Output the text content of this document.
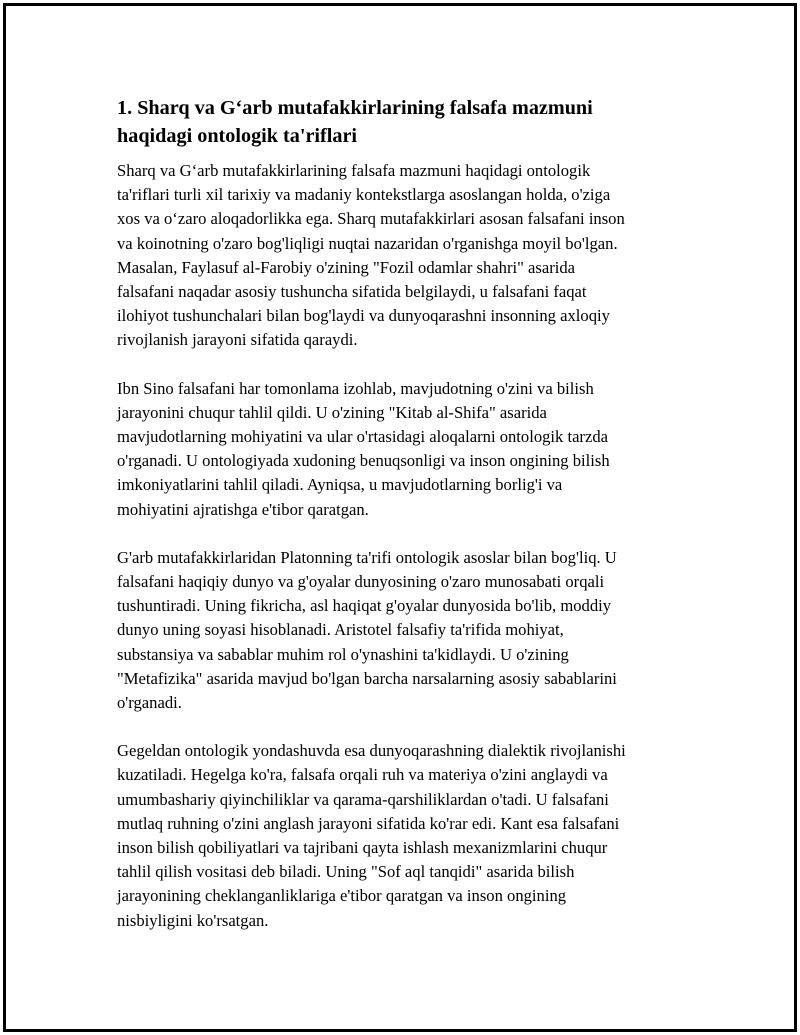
1. Sharq va G‘arb mutafakkirlarining falsafa mazmuni
haqidagi ontologik ta'riflari

Sharq va G‘arb mutafakkirlarining falsafa mazmuni haqidagi ontologik
ta'riflari turli xil tarixiy va madaniy kontekstlarga asoslangan holda, o'ziga
xos va o‘zaro aloqadorlikka ega. Sharq mutafakkirlari asosan falsafani inson
va koinotning o'zaro bog'liqligi nuqtai nazaridan o'rganishga moyil bo'lgan.
Masalan, Faylasuf al-Farobiy o'zining "Fozil odamlar shahri" asarida
falsafani naqadar asosiy tushuncha sifatida belgilaydi, u falsafani faqat
ilohiyot tushunchalari bilan bog'laydi va dunyoqarashni insonning axloqiy
rivojlanish jarayoni sifatida qaraydi.

Ibn Sino falsafani har tomonlama izohlab, mavjudotning o'zini va bilish
jarayonini chuqur tahlil qildi. U o'zining "Kitab al-Shifa" asarida
mavjudotlarning mohiyatini va ular o'rtasidagi aloqalarni ontologik tarzda
o'rganadi. U ontologiyada xudoning benuqsonligi va inson ongining bilish
imkoniyatlarini tahlil qiladi. Ayniqsa, u mavjudotlarning borlig'i va
mohiyatini ajratishga e'tibor qaratgan.

G'arb mutafakkirlaridan Platonning ta'rifi ontologik asoslar bilan bog'liq. U
falsafani haqiqiy dunyo va g'oyalar dunyosining o'zaro munosabati orqali
tushuntiradi. Uning fikricha, asl haqiqat g'oyalar dunyosida bo'lib, moddiy
dunyo uning soyasi hisoblanadi. Aristotel falsafiy ta'rifida mohiyat,
substansiya va sabablar muhim rol o'ynashini ta'kidlaydi. U o'zining
"Metafizika" asarida mavjud bo'lgan barcha narsalarning asosiy sabablarini
o'rganadi.

Gegeldan ontologik yondashuvda esa dunyoqarashning dialektik rivojlanishi
kuzatiladi. Hegelga ko'ra, falsafa orqali ruh va materiya o'zini anglaydi va
umumbashariy qiyinchiliklar va qarama-qarshiliklardan o'tadi. U falsafani
mutlaq ruhning o'zini anglash jarayoni sifatida ko'rar edi. Kant esa falsafani
inson bilish qobiliyatlari va tajribani qayta ishlash mexanizmlarini chuqur
tahlil qilish vositasi deb biladi. Uning "Sof aql tanqidi" asarida bilish
jarayonining cheklanganliklariga e'tibor qaratgan va inson ongining
nisbiyligini ko'rsatgan.
